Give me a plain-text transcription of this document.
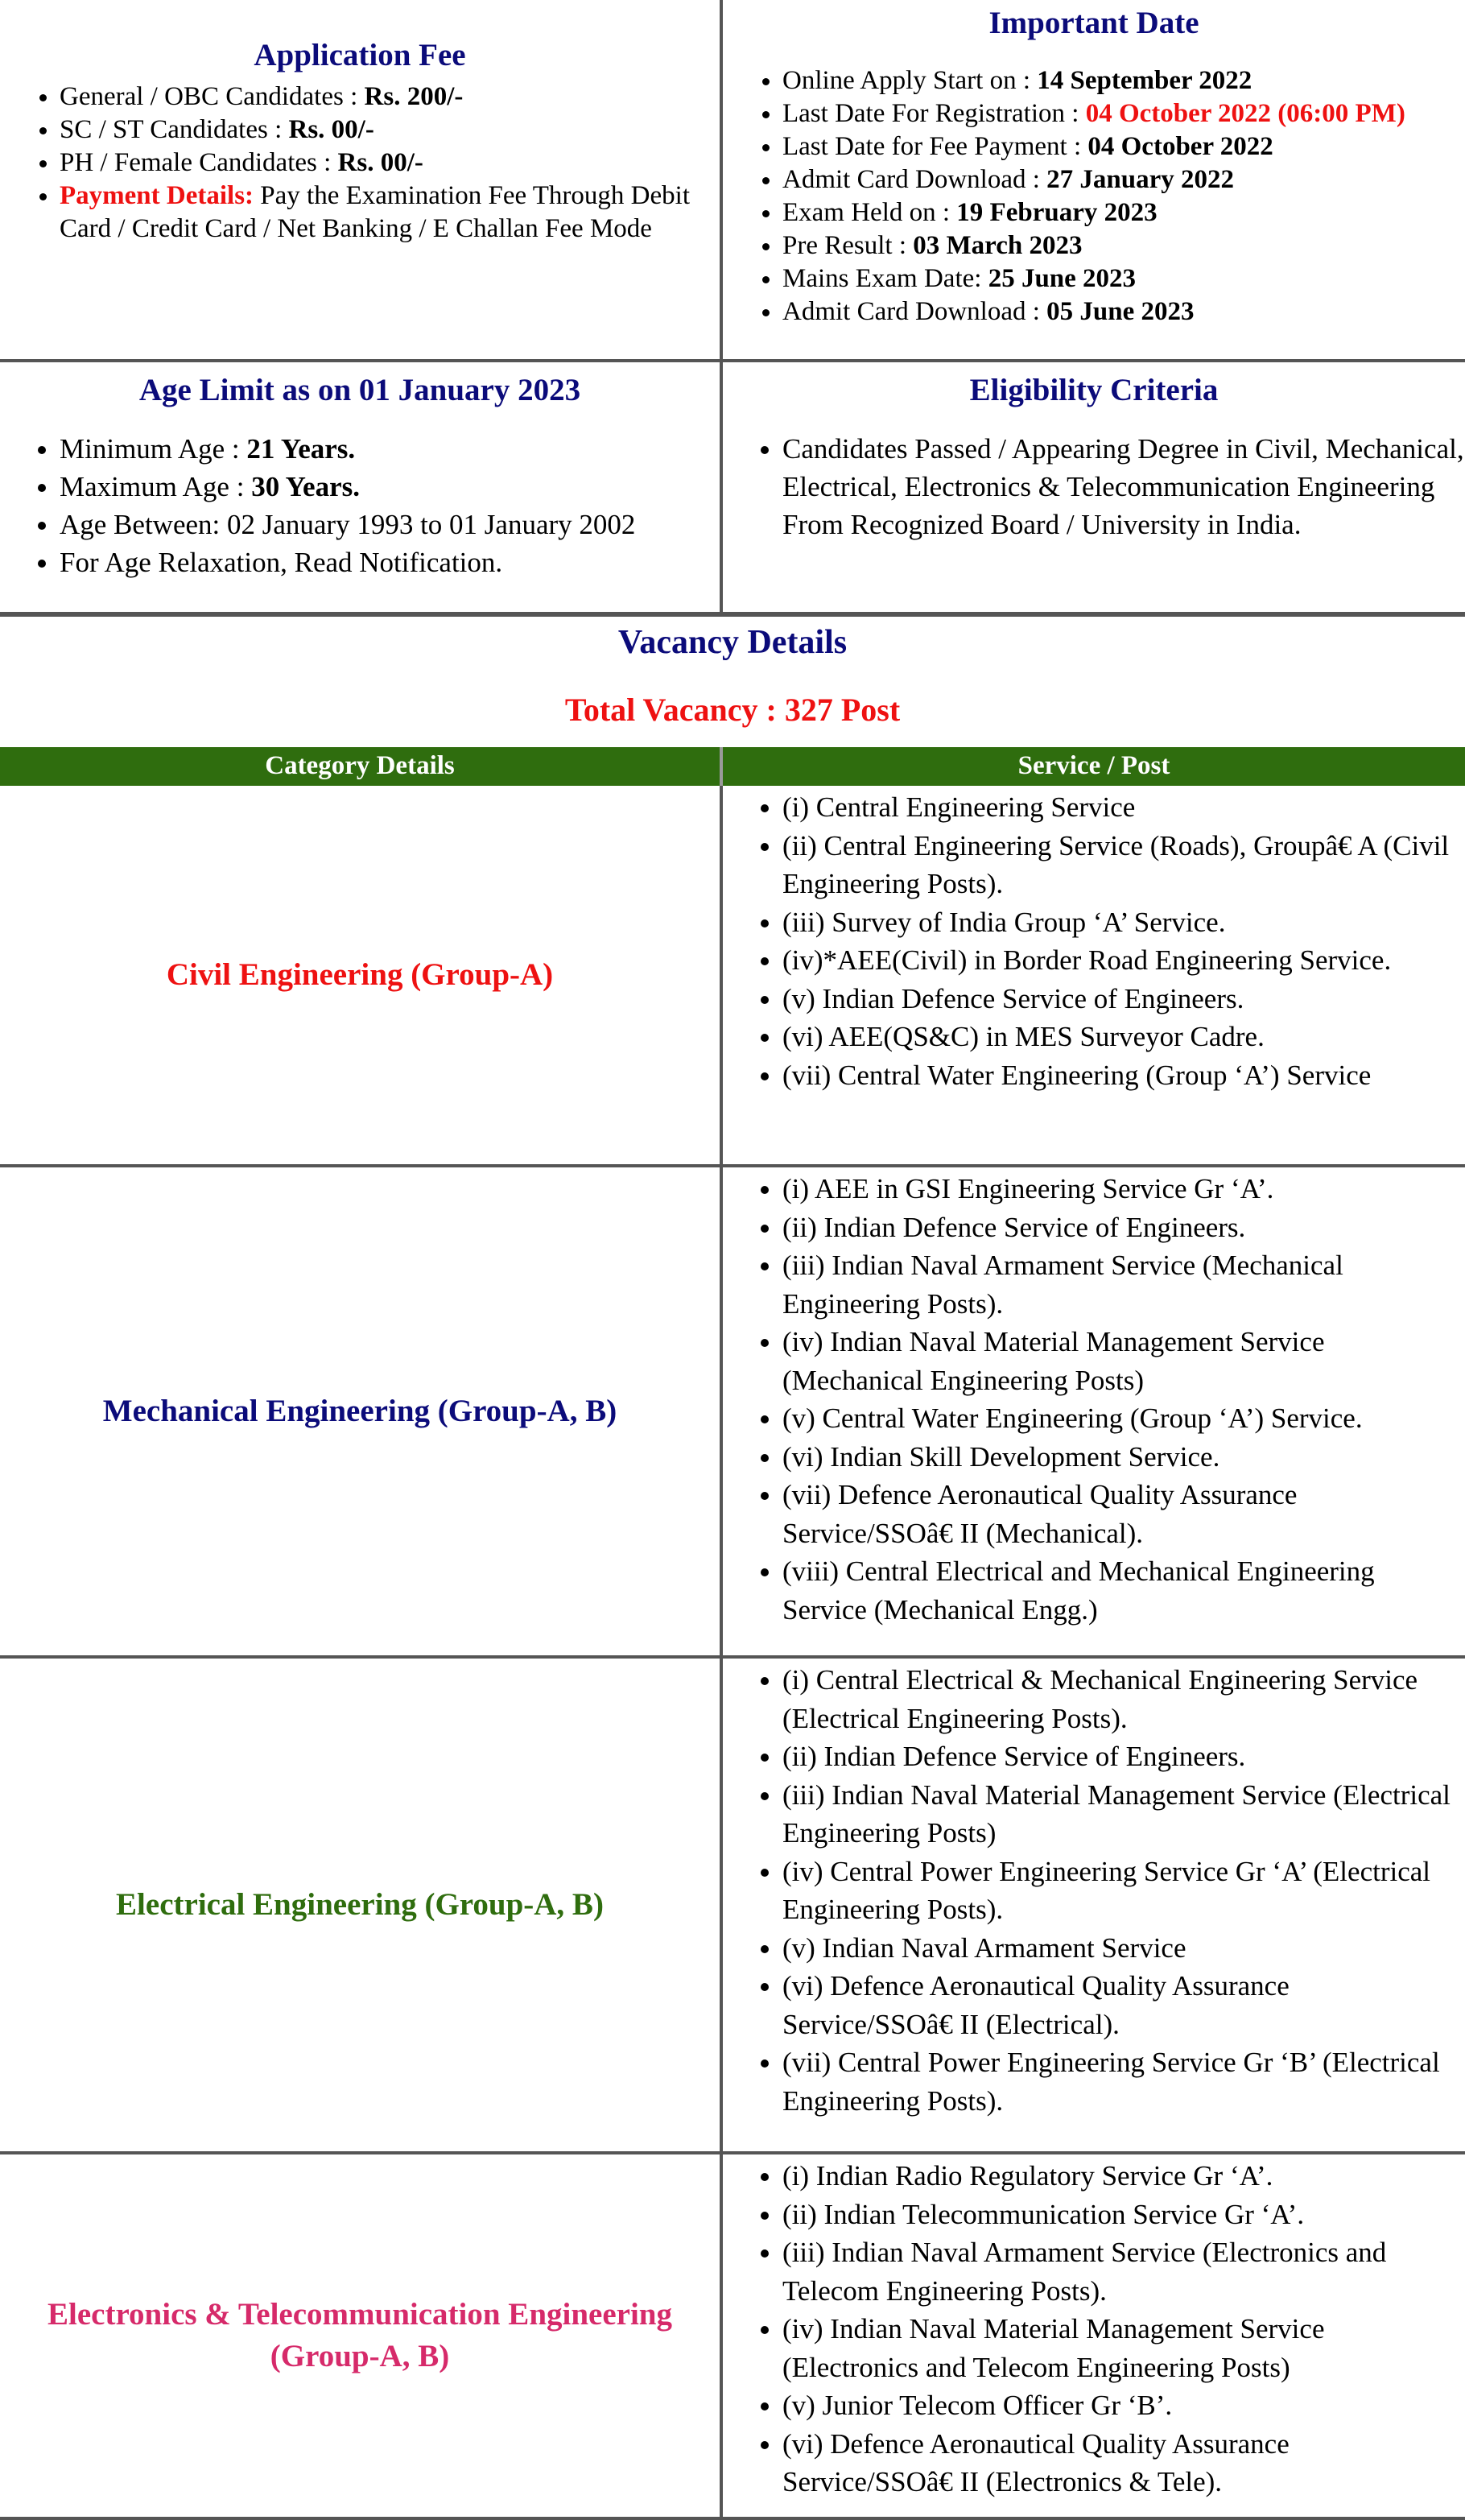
Application Fee
• General / OBC Candidates : Rs. 200/-
• SC / ST Candidates : Rs. 00/-
• PH / Female Candidates : Rs. 00/-
• Payment Details: Pay the Examination Fee Through Debit Card / Credit Card / Net Banking / E Challan Fee Mode
Important Date
• Online Apply Start on : 14 September 2022
• Last Date For Registration : 04 October 2022 (06:00 PM)
• Last Date for Fee Payment : 04 October 2022
• Admit Card Download : 27 January 2022
• Exam Held on : 19 February 2023
• Pre Result : 03 March 2023
• Mains Exam Date: 25 June 2023
• Admit Card Download : 05 June 2023
Age Limit as on 01 January 2023
• Minimum Age : 21 Years.
• Maximum Age : 30 Years.
• Age Between: 02 January 1993 to 01 January 2002
• For Age Relaxation, Read Notification.
Eligibility Criteria
• Candidates Passed / Appearing Degree in Civil, Mechanical, Electrical, Electronics & Telecommunication Engineering From Recognized Board / University in India.
Vacancy Details
Total Vacancy : 327 Post
Category Details	Service / Post
Civil Engineering (Group-A)
• (i) Central Engineering Service
• (ii) Central Engineering Service (Roads), Groupâ€ A (Civil Engineering Posts).
• (iii) Survey of India Group ‘A’ Service.
• (iv)*AEE(Civil) in Border Road Engineering Service.
• (v) Indian Defence Service of Engineers.
• (vi) AEE(QS&C) in MES Surveyor Cadre.
• (vii) Central Water Engineering (Group ‘A’) Service
Mechanical Engineering (Group-A, B)
• (i) AEE in GSI Engineering Service Gr ‘A’.
• (ii) Indian Defence Service of Engineers.
• (iii) Indian Naval Armament Service (Mechanical Engineering Posts).
• (iv) Indian Naval Material Management Service (Mechanical Engineering Posts)
• (v) Central Water Engineering (Group ‘A’) Service.
• (vi) Indian Skill Development Service.
• (vii) Defence Aeronautical Quality Assurance Service/SSOâ€ II (Mechanical).
• (viii) Central Electrical and Mechanical Engineering Service (Mechanical Engg.)
Electrical Engineering (Group-A, B)
• (i) Central Electrical & Mechanical Engineering Service (Electrical Engineering Posts).
• (ii) Indian Defence Service of Engineers.
• (iii) Indian Naval Material Management Service (Electrical Engineering Posts)
• (iv) Central Power Engineering Service Gr ‘A’ (Electrical Engineering Posts).
• (v) Indian Naval Armament Service
• (vi) Defence Aeronautical Quality Assurance Service/SSOâ€ II (Electrical).
• (vii) Central Power Engineering Service Gr ‘B’ (Electrical Engineering Posts).
Electronics & Telecommunication Engineering (Group-A, B)
• (i) Indian Radio Regulatory Service Gr ‘A’.
• (ii) Indian Telecommunication Service Gr ‘A’.
• (iii) Indian Naval Armament Service (Electronics and Telecom Engineering Posts).
• (iv) Indian Naval Material Management Service (Electronics and Telecom Engineering Posts)
• (v) Junior Telecom Officer Gr ‘B’.
• (vi) Defence Aeronautical Quality Assurance Service/SSOâ€ II (Electronics & Tele).
